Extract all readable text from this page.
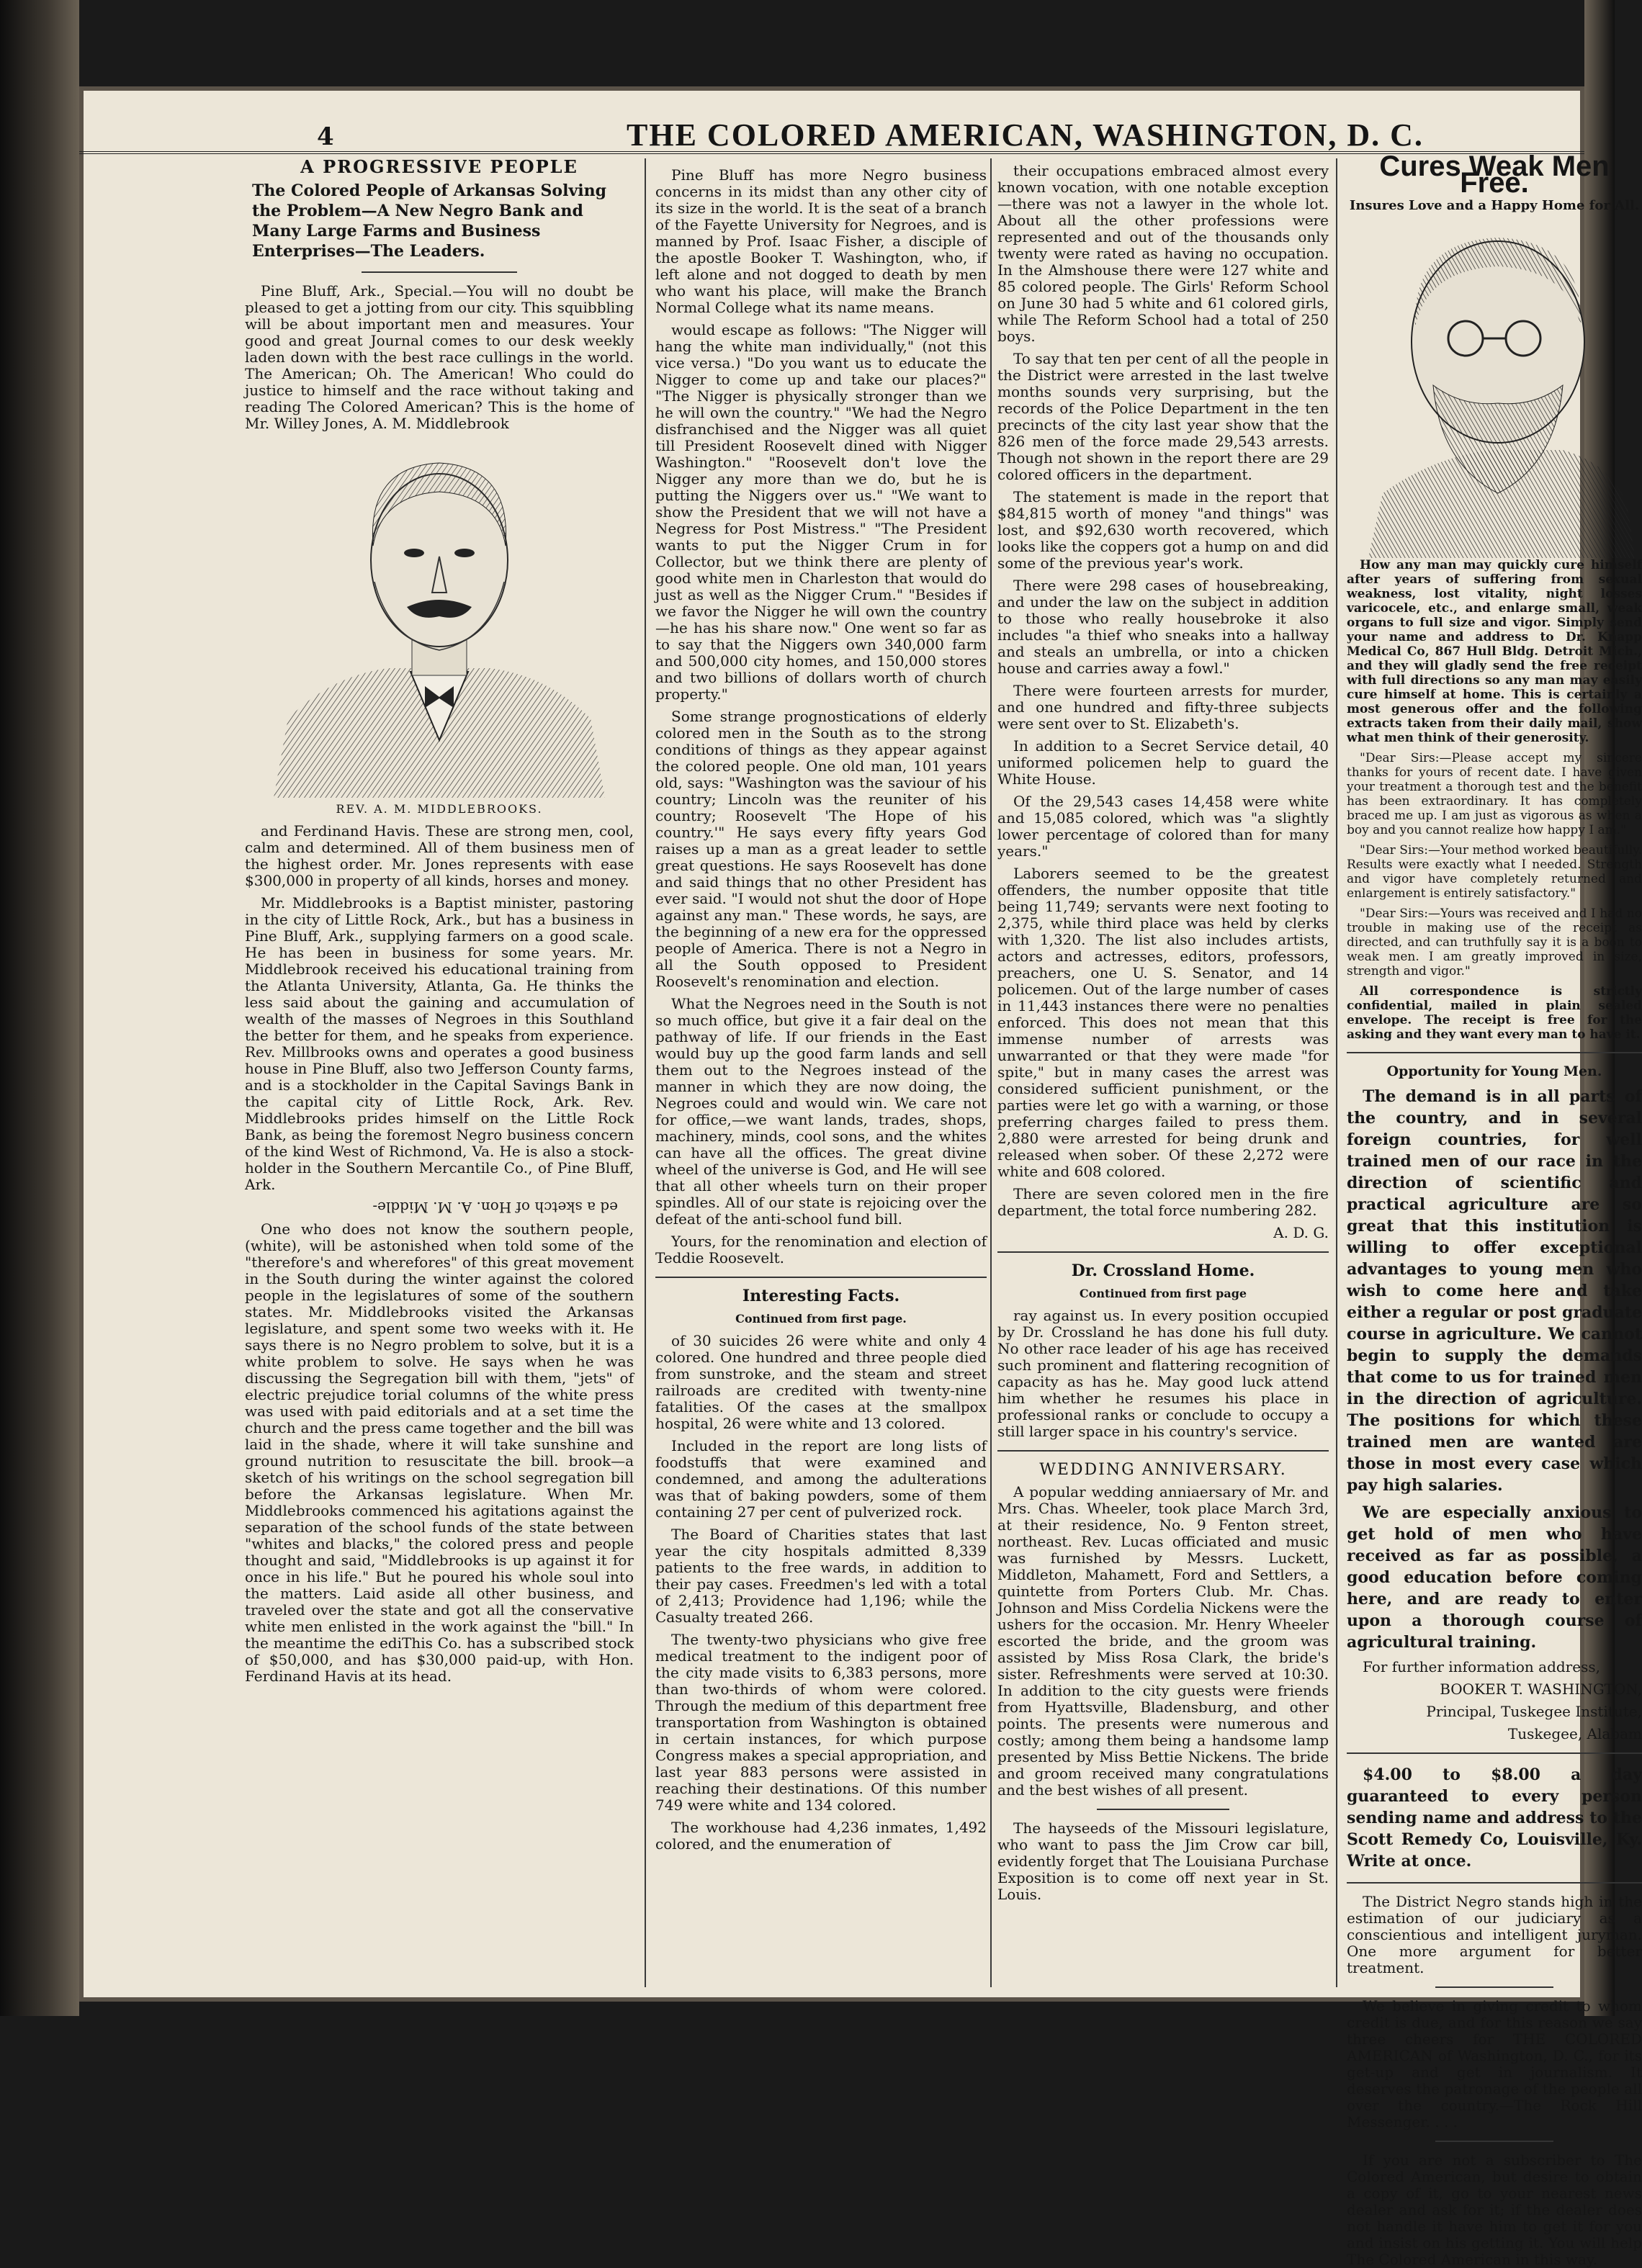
4	THE COLORED AMERICAN, WASHINGTON, D. C.

A PROGRESSIVE PEOPLE

The Colored People of Arkansas Solving the Problem—A New Negro Bank and Many Large Farms and Business Enterprises—The Leaders.

Pine Bluff, Ark., Special.—You will no doubt be pleased to get a jotting from our city. This squibbling will be about important men and measures. Your good and great Journal comes to our desk weekly laden down with the best race cullings in the world. The American; Oh. The American! Who could do justice to himself and the race without taking and reading The Colored American? This is the home of Mr. Willey Jones, A. M. Middlebrook

REV. A. M. MIDDLEBROOKS.

and Ferdinand Havis. These are strong men, cool, calm and determined. All of them business men of the highest order. Mr. Jones represents with ease $300,000 in property of all kinds, horses and money.

Mr. Middlebrooks is a Baptist minister, pastoring in the city of Little Rock, Ark., but has a business in Pine Bluff, Ark., supplying farmers on a good scale. He has been in business for some years. Mr. Middlebrook received his educational training from the Atlanta University, Atlanta, Ga. He thinks the less said about the gaining and accumulation of wealth of the masses of Negroes in this Southland the better for them, and he speaks from experience. Rev. Millbrooks owns and operates a good business house in Pine Bluff, also two Jefferson County farms, and is a stockholder in the Capital Savings Bank in the capital city of Little Rock, Ark. Rev. Middlebrooks prides himself on the Little Rock Bank, as being the foremost Negro business concern of the kind West of Richmond, Va. He is also a stock-holder in the Southern Mercantile Co., of Pine Bluff, Ark.

ed a sketch of Hon. A. M. Middle-

One who does not know the southern people, (white), will be astonished when told some of the "therefore's and wherefores" of this great movement in the South during the winter against the colored people in the legislatures of some of the southern states. Mr. Middlebrooks visited the Arkansas legislature, and spent some two weeks with it. He says there is no Negro problem to solve, but it is a white problem to solve. He says when he was discussing the Segregation bill with them, "jets" of electric prejudice torial columns of the white press was used with paid editorials and at a set time the church and the press came together and the bill was laid in the shade, where it will take sunshine and ground nutrition to resuscitate the bill. brook—a sketch of his writings on the school segregation bill before the Arkansas legislature. When Mr. Middlebrooks commenced his agitations against the separation of the school funds of the state between "whites and blacks," the colored press and people thought and said, "Middlebrooks is up against it for once in his life." But he poured his whole soul into the matters. Laid aside all other business, and traveled over the state and got all the conservative white men enlisted in the work against the "bill." In the meantime the ediThis Co. has a subscribed stock of $50,000, and has $30,000 paid-up, with Hon. Ferdinand Havis at its head.

Pine Bluff has more Negro business concerns in its midst than any other city of its size in the world. It is the seat of a branch of the Fayette University for Negroes, and is manned by Prof. Isaac Fisher, a disciple of the apostle Booker T. Washington, who, if left alone and not dogged to death by men who want his place, will make the Branch Normal College what its name means.

would escape as follows: "The Nigger will hang the white man individually," (not this vice versa.) "Do you want us to educate the Nigger to come up and take our places?" "The Nigger is physically stronger than we he will own the country." "We had the Negro disfranchised and the Nigger was all quiet till President Roosevelt dined with Nigger Washington." "Roosevelt don't love the Nigger any more than we do, but he is putting the Niggers over us." "We want to show the President that we will not have a Negress for Post Mistress." "The President wants to put the Nigger Crum in for Collector, but we think there are plenty of good white men in Charleston that would do just as well as the Nigger Crum." "Besides if we favor the Nigger he will own the country—he has his share now." One went so far as to say that the Niggers own 340,000 farm and 500,000 city homes, and 150,000 stores and two billions of dollars worth of church property."

Some strange prognostications of elderly colored men in the South as to the strong conditions of things as they appear against the colored people. One old man, 101 years old, says: "Washington was the saviour of his country; Lincoln was the reuniter of his country; Roosevelt 'The Hope of his country.'" He says every fifty years God raises up a man as a great leader to settle great questions. He says Roosevelt has done and said things that no other President has ever said. "I would not shut the door of Hope against any man." These words, he says, are the beginning of a new era for the oppressed people of America. There is not a Negro in all the South opposed to President Roosevelt's renomination and election.

What the Negroes need in the South is not so much office, but give it a fair deal on the pathway of life. If our friends in the East would buy up the good farm lands and sell them out to the Negroes instead of the manner in which they are now doing, the Negroes could and would win. We care not for office,—we want lands, trades, shops, machinery, minds, cool sons, and the whites can have all the offices. The great divine wheel of the universe is God, and He will see that all other wheels turn on their proper spindles. All of our state is rejoicing over the defeat of the anti-school fund bill.

Yours, for the renomination and election of Teddie Roosevelt.

Interesting Facts.

Continued from first page.

of 30 suicides 26 were white and only 4 colored. One hundred and three people died from sunstroke, and the steam and street railroads are credited with twenty-nine fatalities. Of the cases at the smallpox hospital, 26 were white and 13 colored.

Included in the report are long lists of foodstuffs that were examined and condemned, and among the adulterations was that of baking powders, some of them containing 27 per cent of pulverized rock.

The Board of Charities states that last year the city hospitals admitted 8,339 patients to the free wards, in addition to their pay cases. Freedmen's led with a total of 2,413; Providence had 1,196; while the Casualty treated 266.

The twenty-two physicians who give free medical treatment to the indigent poor of the city made visits to 6,383 persons, more than two-thirds of whom were colored. Through the medium of this department free transportation from Washington is obtained in certain instances, for which purpose Congress makes a special appropriation, and last year 883 persons were assisted in reaching their destinations. Of this number 749 were white and 134 colored.

The workhouse had 4,236 inmates, 1,492 colored, and the enumeration of

their occupations embraced almost every known vocation, with one notable exception—there was not a lawyer in the whole lot. About all the other professions were represented and out of the thousands only twenty were rated as having no occupation. In the Almshouse there were 127 white and 85 colored people. The Girls' Reform School on June 30 had 5 white and 61 colored girls, while The Reform School had a total of 250 boys.

To say that ten per cent of all the people in the District were arrested in the last twelve months sounds very surprising, but the records of the Police Department in the ten precincts of the city last year show that the 826 men of the force made 29,543 arrests. Though not shown in the report there are 29 colored officers in the department.

The statement is made in the report that $84,815 worth of money "and things" was lost, and $92,630 worth recovered, which looks like the coppers got a hump on and did some of the previous year's work.

There were 298 cases of housebreaking, and under the law on the subject in addition to those who really housebroke it also includes "a thief who sneaks into a hallway and steals an umbrella, or into a chicken house and carries away a fowl."

There were fourteen arrests for murder, and one hundred and fifty-three subjects were sent over to St. Elizabeth's.

In addition to a Secret Service detail, 40 uniformed policemen help to guard the White House.

Of the 29,543 cases 14,458 were white and 15,085 colored, which was "a slightly lower percentage of colored than for many years."

Laborers seemed to be the greatest offenders, the number opposite that title being 11,749; servants were next footing to 2,375, while third place was held by clerks with 1,320. The list also includes artists, actors and actresses, editors, professors, preachers, one U. S. Senator, and 14 policemen. Out of the large number of cases in 11,443 instances there were no penalties enforced. This does not mean that this immense number of arrests was unwarranted or that they were made "for spite," but in many cases the arrest was considered sufficient punishment, or the parties were let go with a warning, or those preferring charges failed to press them. 2,880 were arrested for being drunk and released when sober. Of these 2,272 were white and 608 colored.

There are seven colored men in the fire department, the total force numbering 282.

A. D. G.

Dr. Crossland Home.

Continued from first page

ray against us. In every position occupied by Dr. Crossland he has done his full duty. No other race leader of his age has received such prominent and flattering recognition of capacity as has he. May good luck attend him whether he resumes his place in professional ranks or conclude to occupy a still larger space in his country's service.

WEDDING ANNIVERSARY.

A popular wedding anniaersary of Mr. and Mrs. Chas. Wheeler, took place March 3rd, at their residence, No. 9 Fenton street, northeast. Rev. Lucas officiated and music was furnished by Messrs. Luckett, Middleton, Mahamett, Ford and Settlers, a quintette from Porters Club. Mr. Chas. Johnson and Miss Cordelia Nickens were the ushers for the occasion. Mr. Henry Wheeler escorted the bride, and the groom was assisted by Miss Rosa Clark, the bride's sister. Refreshments were served at 10:30. In addition to the city guests were friends from Hyattsville, Bladensburg, and other points. The presents were numerous and costly; among them being a handsome lamp presented by Miss Bettie Nickens. The bride and groom received many congratulations and the best wishes of all present.

The hayseeds of the Missouri legislature, who want to pass the Jim Crow car bill, evidently forget that The Louisiana Purchase Exposition is to come off next year in St. Louis.

Cures Weak Men Free.

Insures Love and a Happy Home for All.

How any man may quickly cure himself after years of suffering from sexual weakness, lost vitality, night losses varicocele, etc., and enlarge small, weak organs to full size and vigor. Simply send your name and address to Dr. Knapp Medical Co, 867 Hull Bldg. Detroit Mich., and they will gladly send the free receipt with full directions so any man may easily cure himself at home. This is certainly a most generous offer and the following extracts taken from their daily mail, show what men think of their generosity.

"Dear Sirs:—Please accept my sincere thanks for yours of recent date. I have given your treatment a thorough test and the benefit has been extraordinary. It has completely braced me up. I am just as vigorous as when a boy and you cannot realize how happy I am."

"Dear Sirs:—Your method worked beautifully. Results were exactly what I needed. Strength and vigor have completely returned and enlargement is entirely satisfactory."

"Dear Sirs:—Yours was received and I had no trouble in making use of the receipt as directed, and can truthfully say it is a boon to weak men. I am greatly improved in size, strength and vigor."

All correspondence is strictly confidential, mailed in plain sealed envelope. The receipt is free for the asking and they want every man to have it.

Opportunity for Young Men.

The demand is in all parts of the country, and in several foreign countries, for well trained men of our race in the direction of scientific and practical agriculture are so great that this institution is willing to offer exceptional advantages to young men who wish to come here and take either a regular or post graduate course in agriculture. We cannot begin to supply the demands that come to us for trained men in the direction of agriculture. The positions for which these trained men are wanted are those in most every case which pay high salaries.

We are especially anxious to get hold of men who have received as far as possible, a good education before coming here, and are ready to enter upon a thorough course of agricultural training.

For further information address,

BOOKER T. WASHINGTON,

Principal, Tuskegee Institute,

Tuskegee, Alabam

$4.00 to $8.00 a day guaranteed to every person sending name and address to the Scott Remedy Co, Louisville, Ky. Write at once.

The District Negro stands high in the estimation of our judiciary as a conscientious and intelligent juryman. One more argument for better treatment.

We believe in giving credit to whom credit is due, and for this reason we say three cheers for THE COLORED AMERICAN of Washington, D. C., for its get-up and get in journalism. It deserves the patronage of the people all over the country.—The Rock Hill Messenger. . . .

If you are not a subscriber to The Colored American, but desire to obtain a copy of it, go to your nearest news dealer and ask for it; if the dealer does not handle it have him to get it for you and insist on his getting it. You will help The Colored American in this way.
